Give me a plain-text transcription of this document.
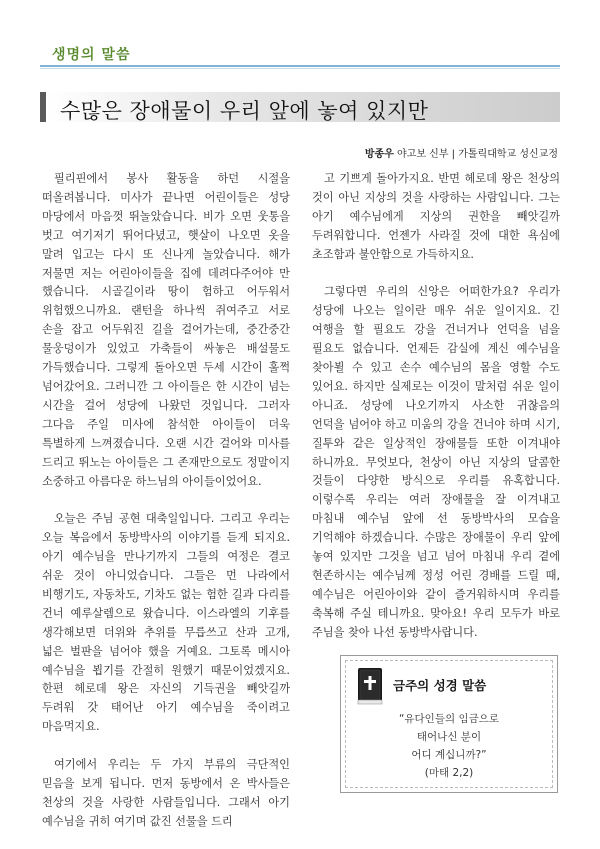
생명의 말씀
수많은 장애물이 우리 앞에 놓여 있지만
방종우 야고보 신부 | 가톨릭대학교 성신교정

필리핀에서 봉사 활동을 하던 시절을 떠올려봅니다. 미사가 끝나면 어린이들은 성당 마당에서 마음껏 뛰놀았습니다. 비가 오면 웃통을 벗고 여기저기 뛰어다녔고, 햇살이 나오면 옷을 말려 입고는 다시 또 신나게 놀았습니다. 해가 저물면 저는 어린아이들을 집에 데려다주어야 만 했습니다. 시골길이라 땅이 험하고 어두워서 위험했으니까요. 랜턴을 하나씩 쥐여주고 서로 손을 잡고 어두워진 길을 걸어가는데, 중간중간 물웅덩이가 있었고 가축들이 싸놓은 배설물도 가득했습니다. 그렇게 돌아오면 두세 시간이 훌쩍 넘어갔어요. 그러니깐 그 아이들은 한 시간이 넘는 시간을 걸어 성당에 나왔던 것입니다. 그러자 그다음 주일 미사에 참석한 아이들이 더욱 특별하게 느껴졌습니다. 오랜 시간 걸어와 미사를 드리고 뛰노는 아이들은 그 존재만으로도 정말이지 소중하고 아름다운 하느님의 아이들이었어요.

오늘은 주님 공현 대축일입니다. 그리고 우리는 오늘 복음에서 동방박사의 이야기를 듣게 되지요. 아기 예수님을 만나기까지 그들의 여정은 결코 쉬운 것이 아니었습니다. 그들은 먼 나라에서 비행기도, 자동차도, 기차도 없는 험한 길과 다리를 건너 예루살렘으로 왔습니다. 이스라엘의 기후를 생각해보면 더위와 추위를 무릅쓰고 산과 고개, 넓은 벌판을 넘어야 했을 거예요. 그토록 메시아 예수님을 뵙기를 간절히 원했기 때문이었겠지요. 한편 헤로데 왕은 자신의 기득권을 빼앗길까 두려워 갓 태어난 아기 예수님을 죽이려고 마음먹지요.

여기에서 우리는 두 가지 부류의 극단적인 믿음을 보게 됩니다. 먼저 동방에서 온 박사들은 천상의 것을 사랑한 사람들입니다. 그래서 아기 예수님을 귀히 여기며 값진 선물을 드리

고 기쁘게 돌아가지요. 반면 헤로데 왕은 천상의 것이 아닌 지상의 것을 사랑하는 사람입니다. 그는 아기 예수님에게 지상의 권한을 빼앗길까 두려워합니다. 언젠가 사라질 것에 대한 욕심에 초조함과 불안함으로 가득하지요.

그렇다면 우리의 신앙은 어떠한가요? 우리가 성당에 나오는 일이란 매우 쉬운 일이지요. 긴 여행을 할 필요도 강을 건너거나 언덕을 넘을 필요도 없습니다. 언제든 감실에 계신 예수님을 찾아뵐 수 있고 손수 예수님의 몸을 영할 수도 있어요. 하지만 실제로는 이것이 말처럼 쉬운 일이 아니죠. 성당에 나오기까지 사소한 귀찮음의 언덕을 넘어야 하고 미움의 강을 건너야 하며 시기, 질투와 같은 일상적인 장애물들 또한 이겨내야 하니까요. 무엇보다, 천상이 아닌 지상의 달콤한 것들이 다양한 방식으로 우리를 유혹합니다. 이렇수록 우리는 여러 장애물을 잘 이겨내고 마침내 예수님 앞에 선 동방박사의 모습을 기억해야 하겠습니다. 수많은 장애물이 우리 앞에 놓여 있지만 그것을 넘고 넘어 마침내 우리 곁에 현존하시는 예수님께 정성 어린 경배를 드릴 때, 예수님은 어린아이와 같이 즐거워하시며 우리를 축복해 주실 테니까요. 맞아요! 우리 모두가 바로 주님을 찾아 나선 동방박사랍니다.

금주의 성경 말씀
“유다인들의 임금으로
태어나신 분이
어디 계십니까?”
(마태 2,2)
